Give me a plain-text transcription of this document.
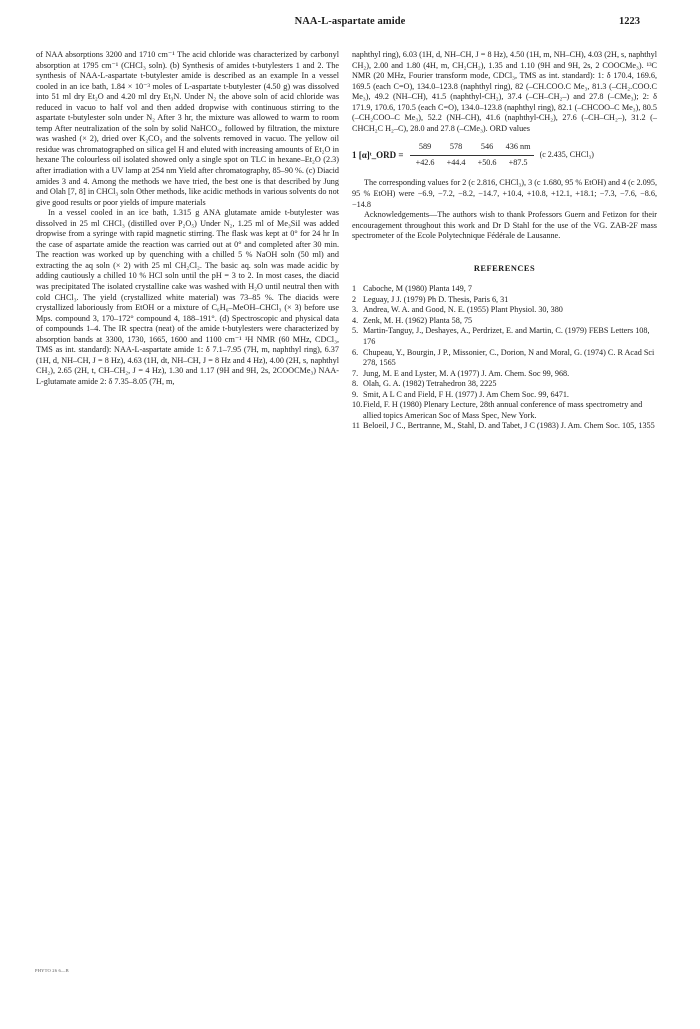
NAA-L-aspartate amide	1223

of NAA absorptions 3200 and 1710 cm⁻¹ The acid chloride was characterized by carbonyl absorption at 1795 cm⁻¹ (CHCl₃ soln). (b) Synthesis of amides t-butylesters 1 and 2. The synthesis of NAA-L-aspartate t-butylester amide is described as an example In a vessel cooled in an ice bath, 1.84 × 10⁻³ moles of L-aspartate t-butylester (4.50 g) was dissolved into 51 ml dry Et₂O and 4.20 ml dry Et₃N. Under N₂ the above soln of acid chloride was reduced in vacuo to half vol and then added dropwise with continuous stirring to the aspartate t-butylester soln under N₂ After 3 hr, the mixture was allowed to warm to room temp After neutralization of the soln by solid NaHCO₃, followed by filtration, the mixture was washed (× 2), dried over K₂CO₃ and the solvents removed in vacuo. The yellow oil residue was chromatographed on silica gel H and eluted with increasing amounts of Et₂O in hexane The colourless oil isolated showed only a single spot on TLC in hexane–Et₂O (2.3) after irradiation with a UV lamp at 254 nm Yield after chromatography, 85–90 %. (c) Diacid amides 3 and 4. Among the methods we have tried, the best one is that described by Jung and Olah [7, 8] in CHCl₃ soln Other methods, like acidic methods in various solvents do not give good results or poor yields of impure materials

In a vessel cooled in an ice bath, 1.315 g ANA glutamate amide t-butylester was dissolved in 25 ml CHCl₃ (distilled over P₂O₅) Under N₂, 1.25 ml of Me₃SiI was added dropwise from a syringe with rapid magnetic stirring. The flask was kept at 0° for 24 hr In the case of aspartate amide the reaction was carried out at 0° and completed after 30 min. The reaction was worked up by quenching with a chilled 5 % NaOH soln (50 ml) and extracting the aq soln (× 2) with 25 ml CH₂Cl₂. The basic aq. soln was made acidic by adding cautiously a chilled 10 % HCl soln until the pH = 3 to 2. In most cases, the diacid was precipitated The isolated crystalline cake was washed with H₂O until neutral then with cold CHCl₃. The yield (crystallized white material) was 73–85 %. The diacids were crystallized laboriously from EtOH or a mixture of C₆H₆–MeOH–CHCl₃ (× 3) before use Mps. compound 3, 170–172° compound 4, 188–191°. (d) Spectroscopic and physical data of compounds 1–4. The IR spectra (neat) of the amide t-butylesters were characterized by absorption bands at 3300, 1730, 1665, 1600 and 1100 cm⁻¹ ¹H NMR (60 MHz, CDCl₃, TMS as int. standard): NAA-L-aspartate amide 1: δ 7.1–7.95 (7H, m, naphthyl ring), 6.37 (1H, d, NH–CH, J = 8 Hz), 4.63 (1H, dt, NH–CH, J = 8 Hz and 4 Hz), 4.00 (2H, s, naphthyl CH₂), 2.65 (2H, t, CH–CH₂, J = 4 Hz), 1.30 and 1.17 (9H and 9H, 2s, 2COOCMe₃) NAA-L-glutamate amide 2: δ 7.35–8.05 (7H, m,

naphthyl ring), 6.03 (1H, d, NH–CH, J = 8 Hz), 4.50 (1H, m, NH–CH), 4.03 (2H, s, naphthyl CH₂), 2.00 and 1.80 (4H, m, CH₂CH₂), 1.35 and 1.10 (9H and 9H, 2s, 2 COOCMe₃). ¹³C NMR (20 MHz, Fourier transform mode, CDCl₃, TMS as int. standard): 1: δ 170.4, 169.6, 169.5 (each C=O), 134.0–123.8 (naphthyl ring), 82 (–CH.COO.C Me₃, 81.3 (–CH₂.COO.C Me₃), 49.2 (NH–CH), 41.5 (naphthyl-CH₂), 37.4 (–CH–CH₂–) and 27.8 (–CMe₃); 2: δ 171.9, 170.6, 170.5 (each C=O), 134.0–123.8 (naphthyl ring), 82.1 (–CHCOO–C Me₃), 80.5 (–CH₂COO–C Me₃), 52.2 (NH–CH), 41.6 (naphthyl-CH₂), 27.6 (–CH–CH₂–), 31.2 (–CHCH₂C H₂–C), 28.0 and 27.8 (–CMe₃). ORD values

1 [α]ᵗ_ORD = 589	578	546	436 nm
+42.6	+44.4	+50.6	+87.5 (c 2.435, CHCl₃)

The corresponding values for 2 (c 2.816, CHCl₃), 3 (c 1.680, 95 % EtOH) and 4 (c 2.095, 95 % EtOH) were −6.9, −7.2, −8.2, −14.7, +10.4, +10.8, +12.1, +18.1; −7.3, −7.6, −8.6, −14.8

Acknowledgements—The authors wish to thank Professors Guern and Fetizon for their encouragement throughout this work and Dr D Stahl for the use of the VG. ZAB-2F mass spectrometer of the Ecole Polytechnique Fédérale de Lausanne.

REFERENCES
1 Caboche, M (1980) Planta 149, 7
2 Leguay, J J. (1979) Ph D. Thesis, Paris 6, 31
3. Andrea, W. A. and Good, N. E. (1955) Plant Physiol. 30, 380
4. Zenk, M. H. (1962) Planta 58, 75
5. Martin-Tanguy, J., Deshayes, A., Perdrizet, E. and Martin, C. (1979) FEBS Letters 108, 176
6. Chupeau, Y., Bourgin, J P., Missonier, C., Dorion, N and Moral, G. (1974) C. R Acad Sci 278, 1565
7. Jung, M. E and Lyster, M. A (1977) J. Am. Chem. Soc 99, 968.
8. Olah, G. A. (1982) Tetrahedron 38, 2225
9. Smit, A L C and Field, F H. (1977) J. Am Chem Soc. 99, 6471.
10. Field, F. H (1980) Plenary Lecture, 28th annual conference of mass spectrometry and allied topics American Soc of Mass Spec, New York.
11 Beloeil, J C., Bertranne, M., Stahl, D. and Tabet, J C (1983) J. Am. Chem Soc. 105, 1355
PHYTO 26 6—B
